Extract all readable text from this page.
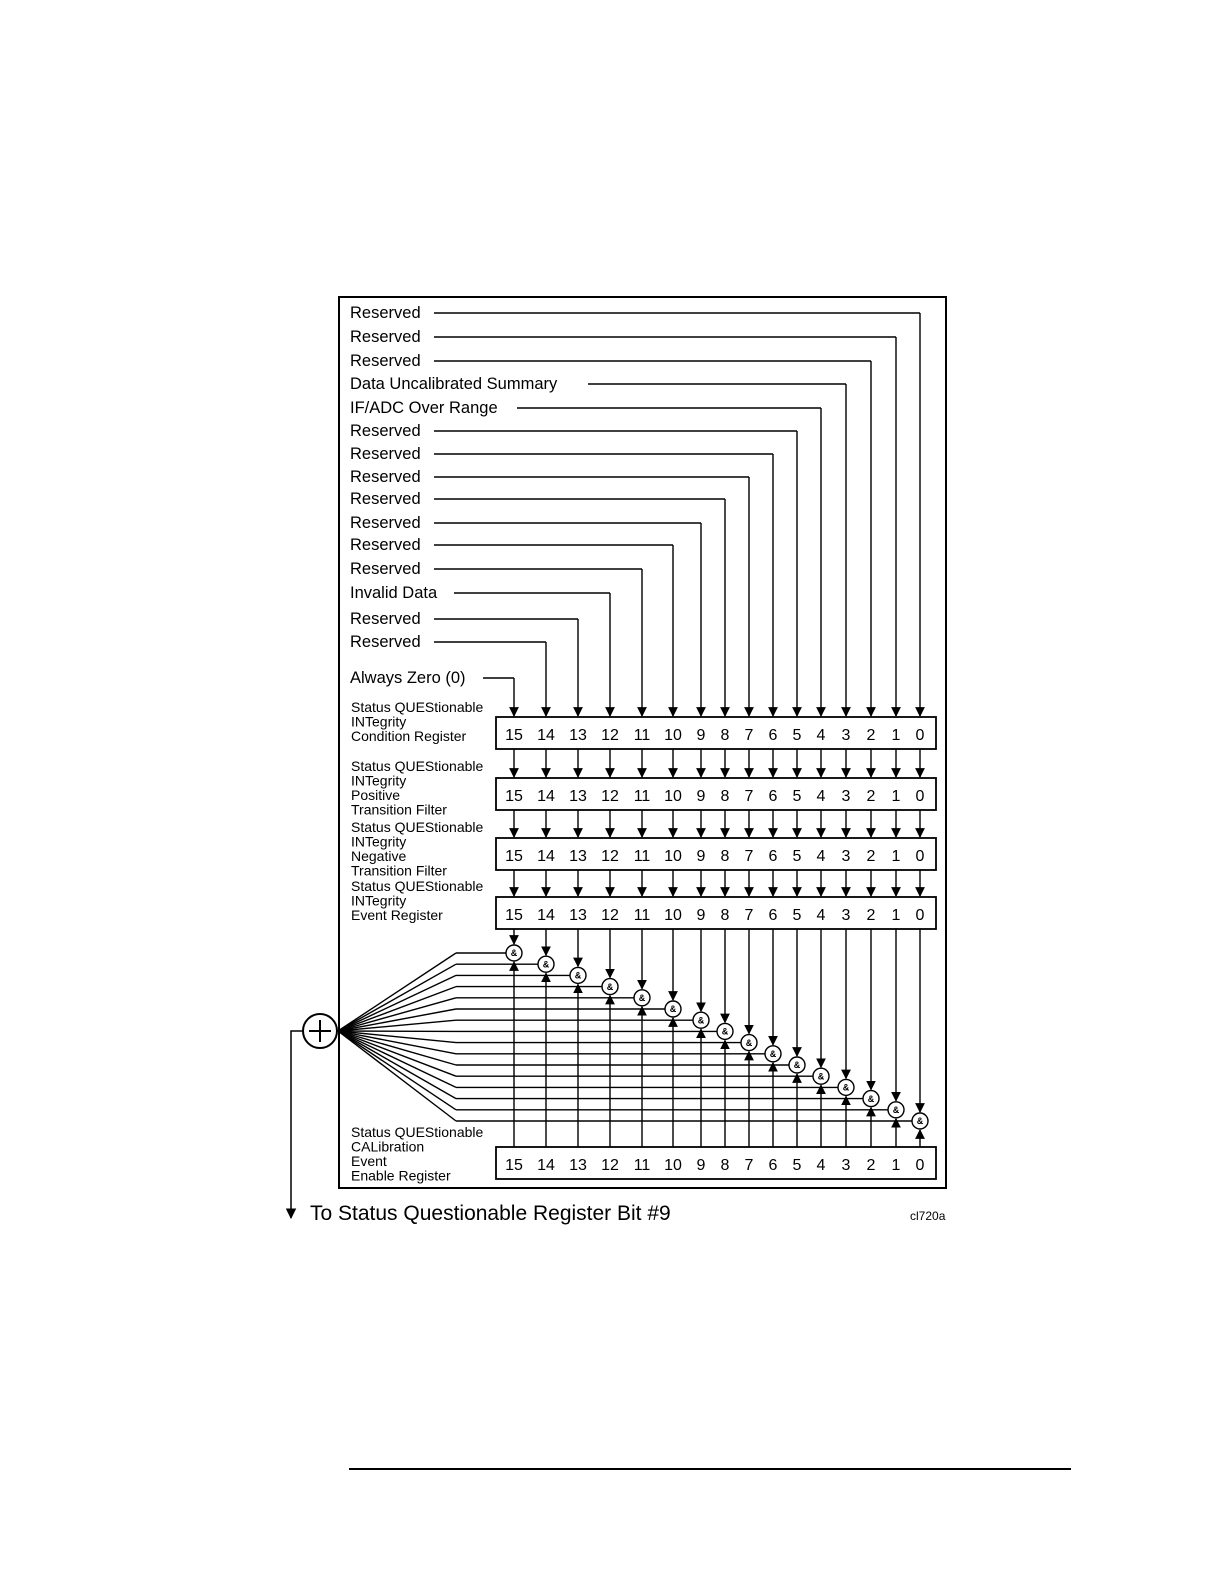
Reserved
Reserved
Reserved
Data Uncalibrated Summary
IF/ADC Over Range
Reserved
Reserved
Reserved
Reserved
Reserved
Reserved
Reserved
Invalid Data
Reserved
Reserved
Always Zero (0)
Status QUEStionable
INTegrity
Condition Register
Status QUEStionable
INTegrity
Positive
Transition Filter
Status QUEStionable
INTegrity
Negative
Transition Filter
Status QUEStionable
INTegrity
Event Register
Status QUEStionable
CALibration
Event
Enable Register
15 14 13 12 11 10 9 8 7 6 5 4 3 2 1 0
15 14 13 12 11 10 9 8 7 6 5 4 3 2 1 0
15 14 13 12 11 10 9 8 7 6 5 4 3 2 1 0
15 14 13 12 11 10 9 8 7 6 5 4 3 2 1 0
15 14 13 12 11 10 9 8 7 6 5 4 3 2 1 0
&
&
&
&
&
&
&
&
&
&
&
&
&
&
&
&
To Status Questionable Register Bit #9	cl720a
